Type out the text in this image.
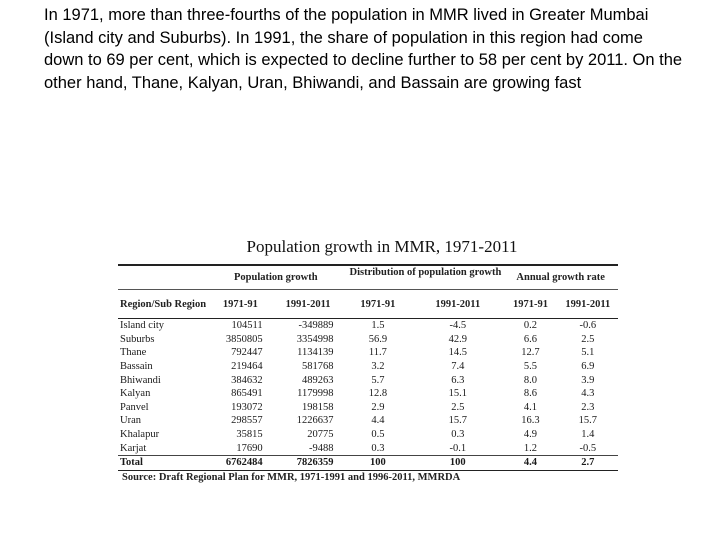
In 1971, more than three-fourths of the population in MMR lived in Greater Mumbai (Island city and Suburbs). In 1991, the share of population in this region had come down to 69 per cent, which is expected to decline further to 58 per cent by 2011. On the other hand, Thane, Kalyan, Uran, Bhiwandi, and Bassain are growing fast

Population growth in MMR, 1971-2011
	Population growth		Distribution of population growth		Annual growth rate	
Region/Sub Region	1971-91	1991-2011	1971-91	1991-2011	1971-91	1991-2011
Island city	104511	-349889	1.5	-4.5	0.2	-0.6
Suburbs	3850805	3354998	56.9	42.9	6.6	2.5
Thane	792447	1134139	11.7	14.5	12.7	5.1
Bassain	219464	581768	3.2	7.4	5.5	6.9
Bhiwandi	384632	489263	5.7	6.3	8.0	3.9
Kalyan	865491	1179998	12.8	15.1	8.6	4.3
Panvel	193072	198158	2.9	2.5	4.1	2.3
Uran	298557	1226637	4.4	15.7	16.3	15.7
Khalapur	35815	20775	0.5	0.3	4.9	1.4
Karjat	17690	-9488	0.3	-0.1	1.2	-0.5
Total	6762484	7826359	100	100	4.4	2.7
Source: Draft Regional Plan for MMR, 1971-1991 and 1996-2011, MMRDA
